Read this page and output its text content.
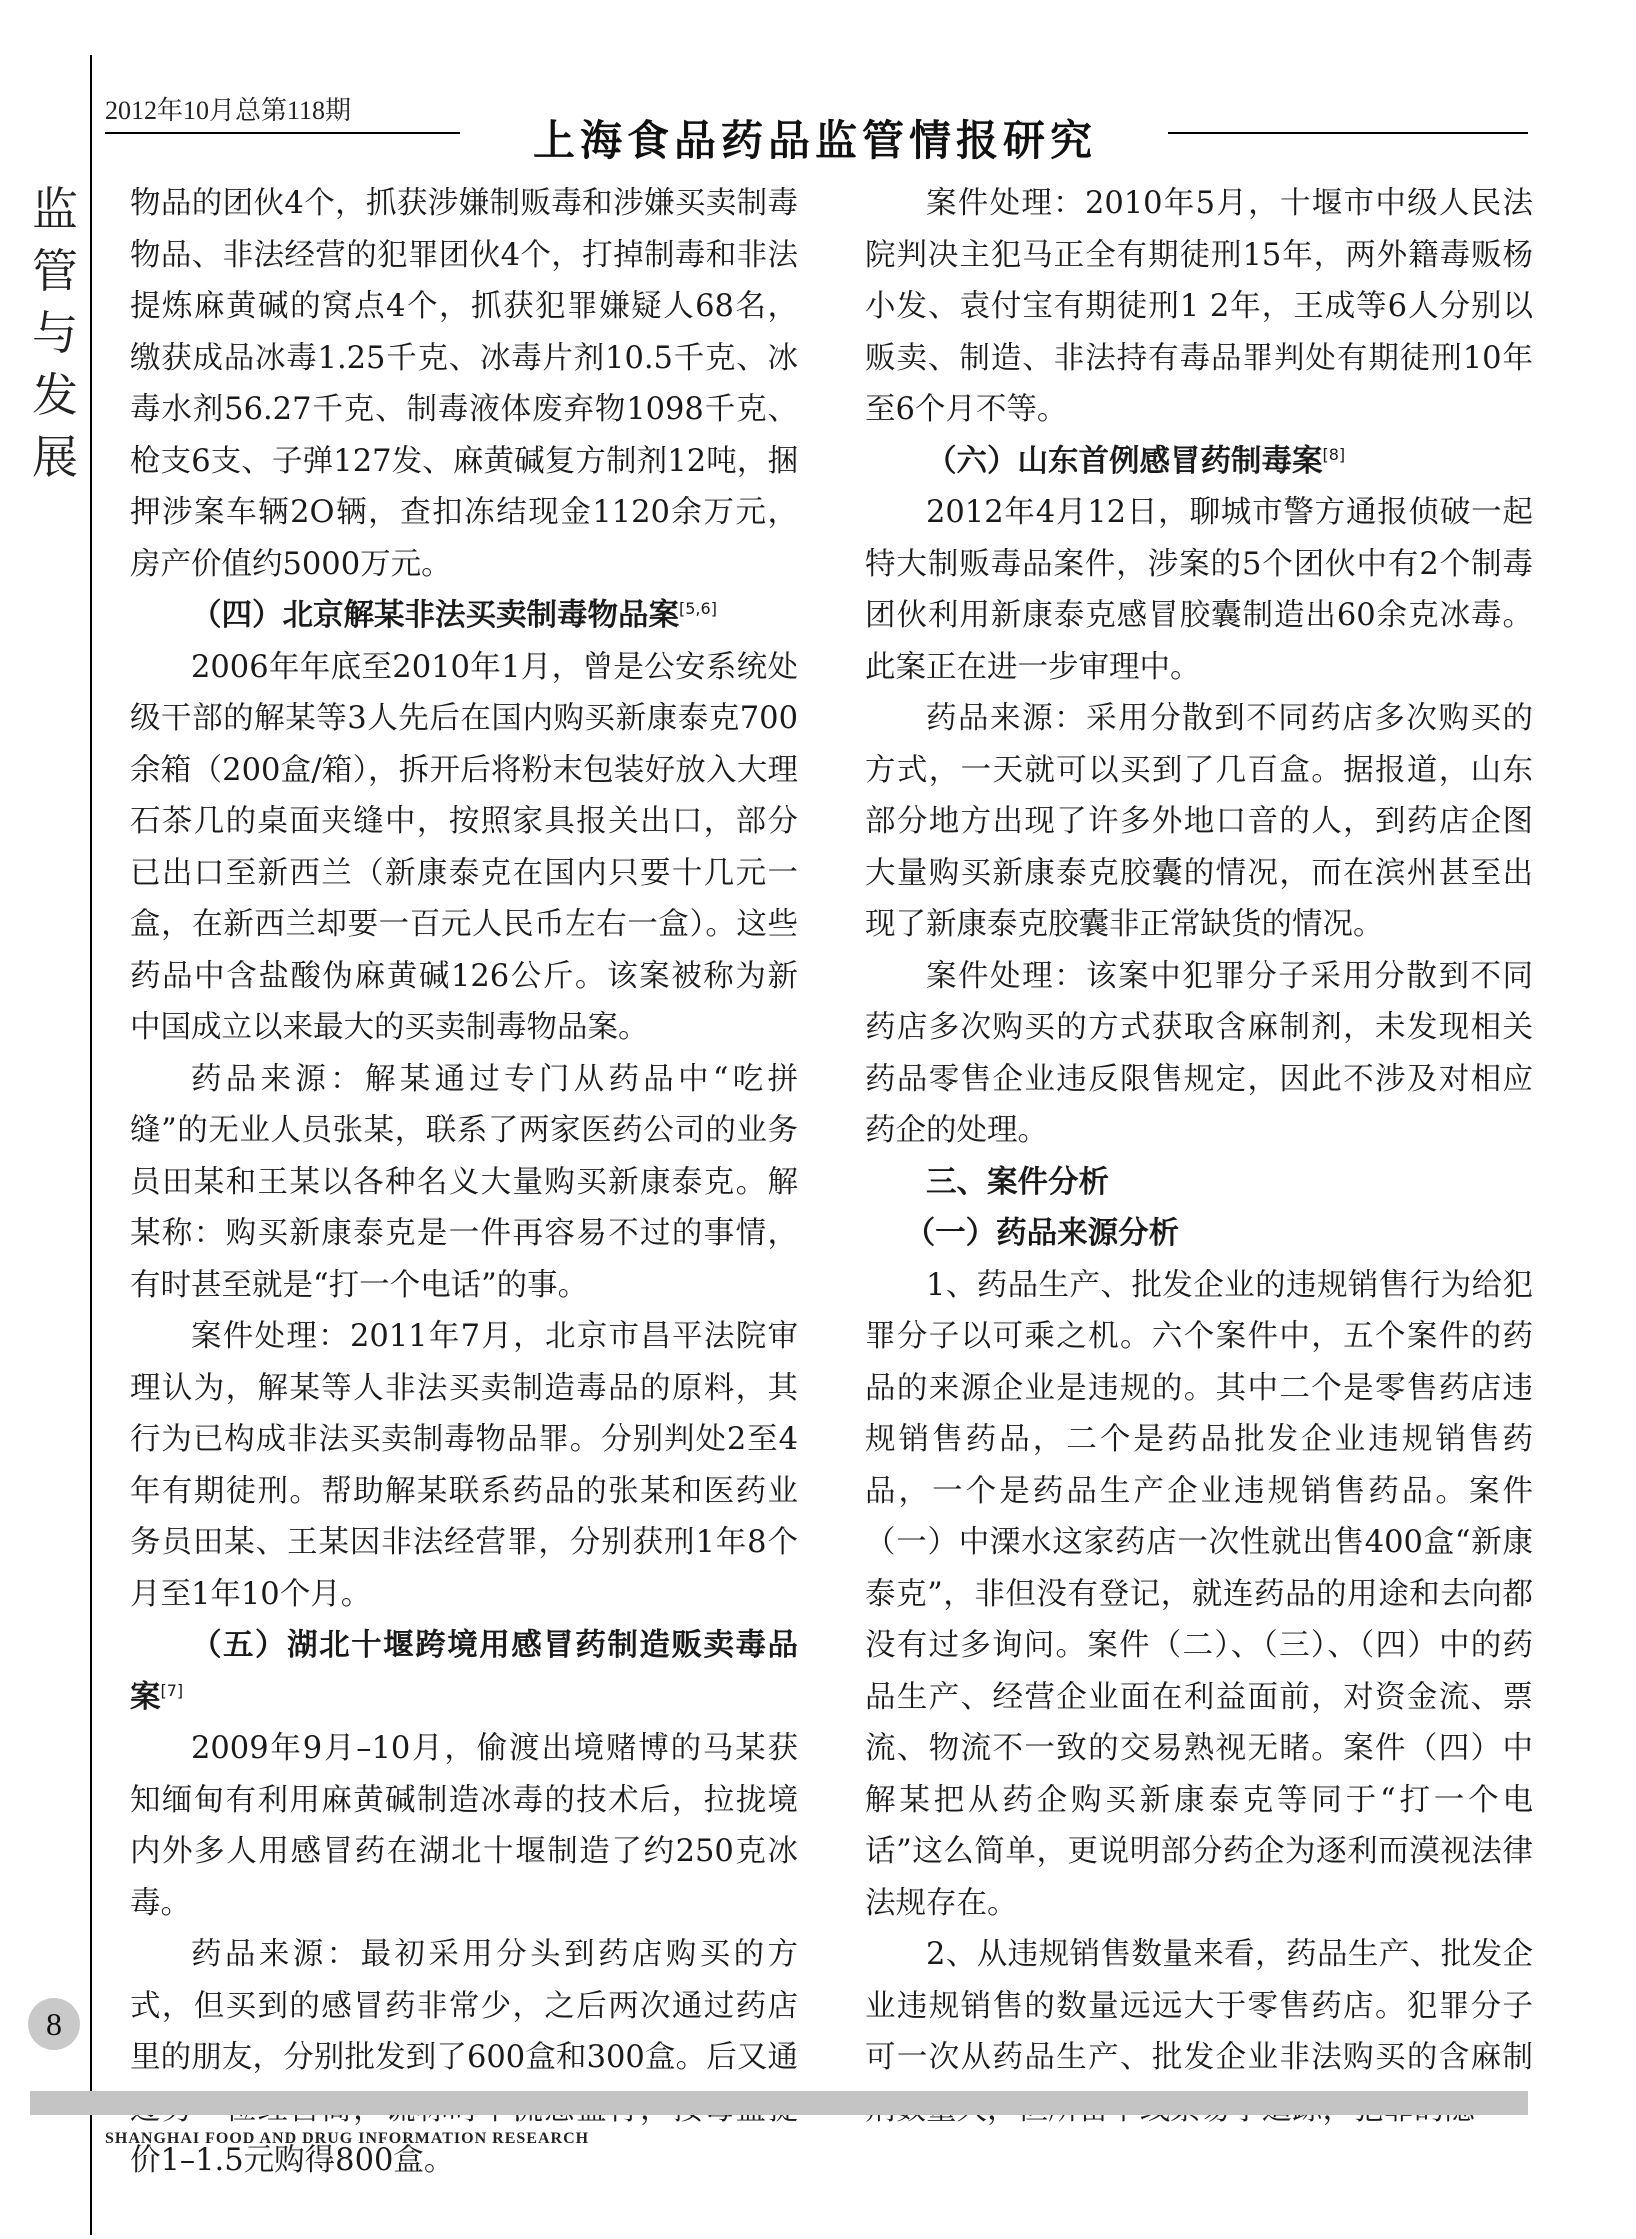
2012年10月总第118期
上海食品药品监管情报研究
监
管
与
发
展

物品的团伙4个，抓获涉嫌制贩毒和涉嫌买卖制毒物品、非法经营的犯罪团伙4个，打掉制毒和非法提炼麻黄碱的窝点4个，抓获犯罪嫌疑人68名，缴获成品冰毒1.25千克、冰毒片剂10.5千克、冰毒水剂56.27千克、制毒液体废弃物1098千克、枪支6支、子弹127发、麻黄碱复方制剂12吨，捆押涉案车辆2O辆，查扣冻结现金1120余万元，房产价值约5000万元。

（四）北京解某非法买卖制毒物品案[5,6]

2006年年底至2010年1月，曾是公安系统处级干部的解某等3人先后在国内购买新康泰克700余箱（200盒/箱），拆开后将粉末包装好放入大理石茶几的桌面夹缝中，按照家具报关出口，部分已出口至新西兰（新康泰克在国内只要十几元一盒，在新西兰却要一百元人民币左右一盒）。这些药品中含盐酸伪麻黄碱126公斤。该案被称为新中国成立以来最大的买卖制毒物品案。

药品来源：解某通过专门从药品中“吃拼缝”的无业人员张某，联系了两家医药公司的业务员田某和王某以各种名义大量购买新康泰克。解某称：购买新康泰克是一件再容易不过的事情，有时甚至就是“打一个电话”的事。

案件处理：2011年7月，北京市昌平法院审理认为，解某等人非法买卖制造毒品的原料，其行为已构成非法买卖制毒物品罪。分别判处2至4年有期徒刑。帮助解某联系药品的张某和医药业务员田某、王某因非法经营罪，分别获刑1年8个月至1年10个月。

（五）湖北十堰跨境用感冒药制造贩卖毒品案[7]

2009年9月–10月，偷渡出境赌博的马某获知缅甸有利用麻黄碱制造冰毒的技术后，拉拢境内外多人用感冒药在湖北十堰制造了约250克冰毒。

药品来源：最初采用分头到药店购买的方式，但买到的感冒药非常少，之后两次通过药店里的朋友，分别批发到了600盒和300盒。后又通 价1–1.5元购得800盒。

案件处理：2010年5月，十堰市中级人民法院判决主犯马正全有期徒刑15年，两外籍毒贩杨小发、袁付宝有期徒刑1 2年，王成等6人分别以贩卖、制造、非法持有毒品罪判处有期徒刑10年至6个月不等。

（六）山东首例感冒药制毒案[8]

2012年4月12日，聊城市警方通报侦破一起特大制贩毒品案件，涉案的5个团伙中有2个制毒团伙利用新康泰克感冒胶囊制造出60余克冰毒。此案正在进一步审理中。

药品来源：采用分散到不同药店多次购买的方式，一天就可以买到了几百盒。据报道，山东部分地方出现了许多外地口音的人，到药店企图大量购买新康泰克胶囊的情况，而在滨州甚至出现了新康泰克胶囊非正常缺货的情况。

案件处理：该案中犯罪分子采用分散到不同药店多次购买的方式获取含麻制剂，未发现相关药品零售企业违反限售规定，因此不涉及对相应药企的处理。

三、案件分析

（一）药品来源分析

1、药品生产、批发企业的违规销售行为给犯罪分子以可乘之机。六个案件中，五个案件的药品的来源企业是违规的。其中二个是零售药店违规销售药品，二个是药品批发企业违规销售药品，一个是药品生产企业违规销售药品。案件（一）中溧水这家药店一次性就出售400盒“新康泰克”，非但没有登记，就连药品的用途和去向都没有过多询问。案件（二）、（三）、（四）中的药品生产、经营企业面在利益面前，对资金流、票流、物流不一致的交易熟视无睹。案件（四）中解某把从药企购买新康泰克等同于“打一个电话”这么简单，更说明部分药企为逐利而漠视法律法规存在。

2、从违规销售数量来看，药品生产、批发企业违规销售的数量远远大于零售药店。犯罪分子可一次从药品生产、批发企业非法购买的含麻制

8
SHANGHAI FOOD AND DRUG INFORMATION RESEARCH
